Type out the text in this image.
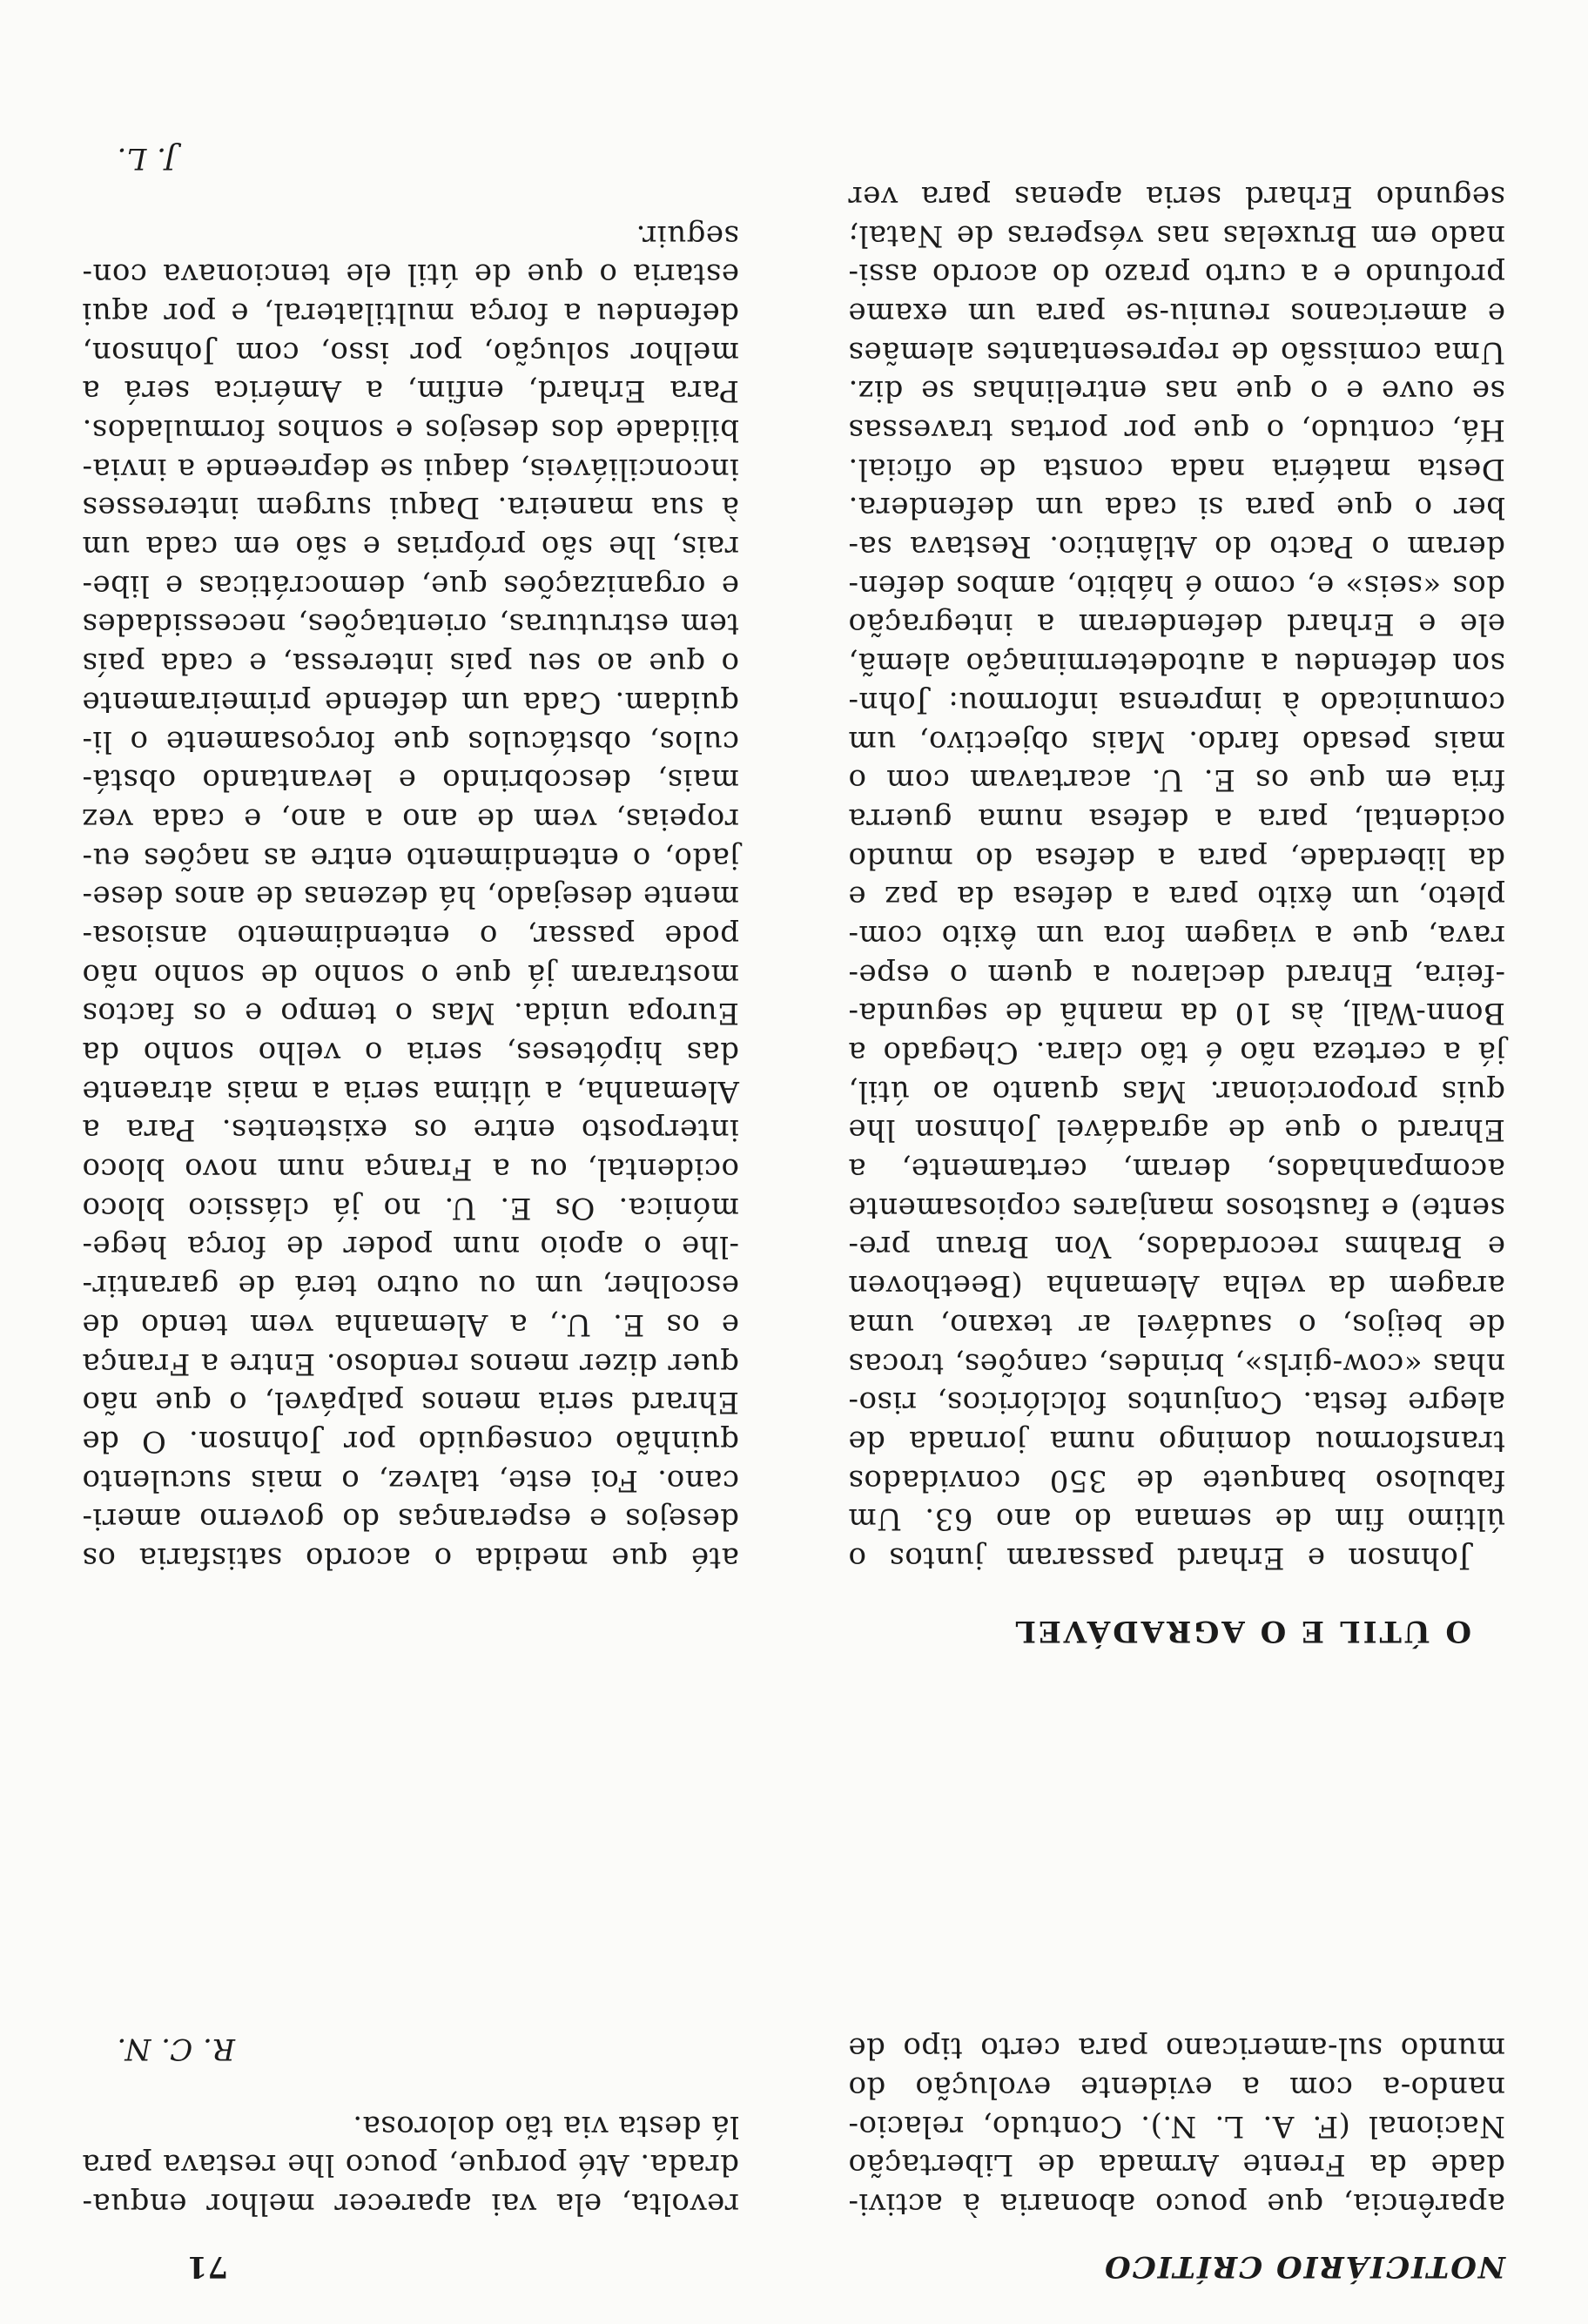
NOTICIÁRIO CRÍTICO
71
aparência, que pouco abonaria à activi-
dade da Frente Armada de Libertação
Nacional (F. A. L. N.). Contudo, relacio-
nando-a com a evidente evolução do
mundo sul-americano para certo tipo de
revolta, ela vai aparecer melhor enqua-
drada. Até porque, pouco lhe restava para
lá desta via tão dolorosa.
R. C. N.
O ÚTIL E O AGRADÁVEL
Johnson e Erhard passaram juntos o
último fim de semana do ano 63. Um
fabuloso banquete de 350 convidados
transformou domingo numa jornada de
alegre festa. Conjuntos folclóricos, riso-
nhas «cow-girls», brindes, canções, trocas
de beijos, o saudável ar texano, uma
aragem da velha Alemanha (Beethoven
e Brahms recordados, Von Braun pre-
sente) e faustosos manjares copiosamente
acompanhados, deram, certamente, a
Ehrard o que de agradável Johnson lhe
quis proporcionar. Mas quanto ao útil,
já a certeza não é tão clara. Chegado a
Bonn-Wall, às 10 da manhã de segunda-
-feira, Ehrard declarou a quem o espe-
rava, que a viagem fora um êxito com-
pleto, um êxito para a defesa da paz e
da liberdade, para a defesa do mundo
ocidental, para a defesa numa guerra
fria em que os E. U. acartavam com o
mais pesado fardo. Mais objectivo, um
comunicado à imprensa informou: John-
son defendeu a autodeterminação alemã,
ele e Erhard defenderam a integração
dos «seis» e, como é hábito, ambos defen-
deram o Pacto do Atlântico. Restava sa-
ber o que para si cada um defendera.
Desta matéria nada consta de oficial.
Há, contudo, o que por portas travessas
se ouve e o que nas entrelinhas se diz.
Uma comissão de representantes alemães
e americanos reuniu-se para um exame
profundo e a curto prazo do acordo assi-
nado em Bruxelas nas vésperas de Natal;
segundo Erhard seria apenas para ver
até que medida o acordo satisfaria os
desejos e esperanças do governo ameri-
cano. Foi este, talvez, o mais suculento
quinhão conseguido por Johnson. O de
Ehrard seria menos palpável, o que não
quer dizer menos rendoso. Entre a França
e os E. U., a Alemanha vem tendo de
escolher, um ou outro terá de garantir-
-lhe o apoio num poder de força hege-
mónica. Os E. U. no já clássico bloco
ocidental, ou a França num novo bloco
interposto entre os existentes. Para a
Alemanha, a última seria a mais atraente
das hipóteses, seria o velho sonho da
Europa unida. Mas o tempo e os factos
mostraram já que o sonho de sonho não
pode passar, o entendimento ansiosa-
mente desejado, há dezenas de anos dese-
jado, o entendimento entre as nações eu-
ropeias, vem de ano a ano, e cada vez
mais, descobrindo e levantando obstá-
culos, obstáculos que forçosamente o li-
quidam. Cada um defende primeiramente
o que ao seu país interessa, e cada país
tem estruturas, orientações, necessidades
e organizações que, democráticas e libe-
rais, lhe são próprias e são em cada um
à sua maneira. Daqui surgem interesses
inconciliáveis, daqui se depreende a invia-
bilidade dos desejos e sonhos formulados.
Para Erhard, enfim, a América será a
melhor solução, por isso, com Johnson,
defendeu a força multilateral, e por aqui
estaria o que de útil ele tencionava con-
seguir.
J. L.
